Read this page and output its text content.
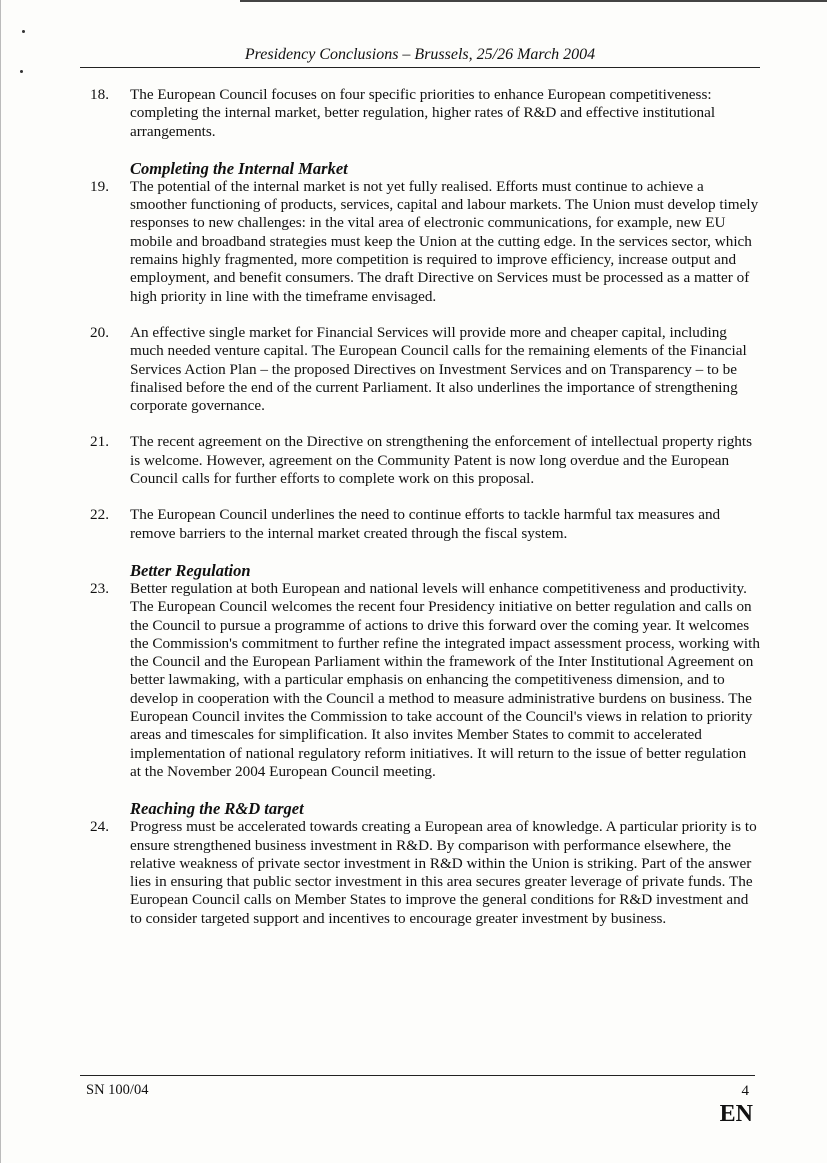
Presidency Conclusions – Brussels, 25/26 March 2004
18.	The European Council focuses on four specific priorities to enhance European competitiveness: completing the internal market, better regulation, higher rates of R&D and effective institutional arrangements.
Completing the Internal Market
19.	The potential of the internal market is not yet fully realised. Efforts must continue to achieve a smoother functioning of products, services, capital and labour markets. The Union must develop timely responses to new challenges: in the vital area of electronic communications, for example, new EU mobile and broadband strategies must keep the Union at the cutting edge. In the services sector, which remains highly fragmented, more competition is required to improve efficiency, increase output and employment, and benefit consumers. The draft Directive on Services must be processed as a matter of high priority in line with the timeframe envisaged.
20.	An effective single market for Financial Services will provide more and cheaper capital, including much needed venture capital. The European Council calls for the remaining elements of the Financial Services Action Plan – the proposed Directives on Investment Services and on Transparency – to be finalised before the end of the current Parliament. It also underlines the importance of strengthening corporate governance.
21.	The recent agreement on the Directive on strengthening the enforcement of intellectual property rights is welcome. However, agreement on the Community Patent is now long overdue and the European Council calls for further efforts to complete work on this proposal.
22.	The European Council underlines the need to continue efforts to tackle harmful tax measures and remove barriers to the internal market created through the fiscal system.
Better Regulation
23.	Better regulation at both European and national levels will enhance competitiveness and productivity. The European Council welcomes the recent four Presidency initiative on better regulation and calls on the Council to pursue a programme of actions to drive this forward over the coming year. It welcomes the Commission's commitment to further refine the integrated impact assessment process, working with the Council and the European Parliament within the framework of the Inter Institutional Agreement on better lawmaking, with a particular emphasis on enhancing the competitiveness dimension, and to develop in cooperation with the Council a method to measure administrative burdens on business. The European Council invites the Commission to take account of the Council's views in relation to priority areas and timescales for simplification. It also invites Member States to commit to accelerated implementation of national regulatory reform initiatives. It will return to the issue of better regulation at the November 2004 European Council meeting.
Reaching the R&D target
24.	Progress must be accelerated towards creating a European area of knowledge. A particular priority is to ensure strengthened business investment in R&D. By comparison with performance elsewhere, the relative weakness of private sector investment in R&D within the Union is striking. Part of the answer lies in ensuring that public sector investment in this area secures greater leverage of private funds. The European Council calls on Member States to improve the general conditions for R&D investment and to consider targeted support and incentives to encourage greater investment by business.
SN 100/04	4
EN
